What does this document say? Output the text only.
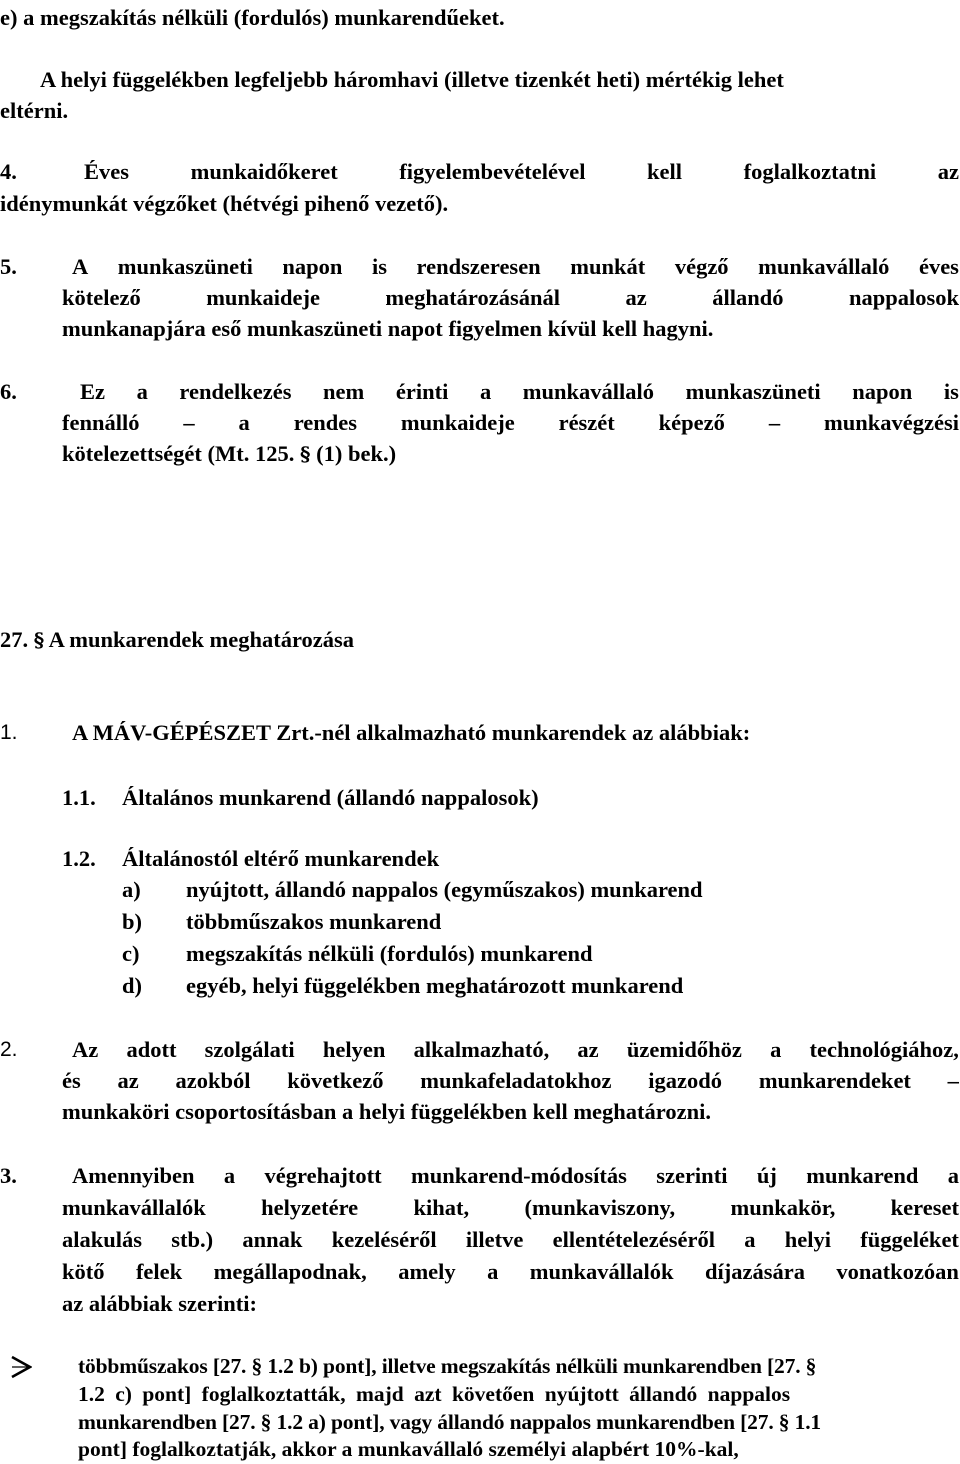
e) a megszakítás nélküli (fordulós) munkarendűeket.
A helyi függelékben legfeljebb háromhavi (illetve tizenkét heti) mértékig lehet
eltérni.
4.	Éves	munkaidőkeret	figyelembevételével	kell	foglalkoztatni	az
idénymunkát végzőket (hétvégi pihenő vezető).
5. A munkaszüneti napon is rendszeresen munkát végző munkavállaló éves
kötelező	munkaideje	meghatározásánál	az	állandó	nappalosok
munkanapjára eső munkaszüneti napot figyelmen kívül kell hagyni.
6.	Ez a rendelkezés nem érinti a munkavállaló munkaszüneti napon is
fennálló – a rendes munkaideje részét képező – munkavégzési
kötelezettségét (Mt. 125. § (1) bek.)
27. § A munkarendek meghatározása
1. A MÁV-GÉPÉSZET Zrt.-nél alkalmazható munkarendek az alábbiak:
1.1. Általános munkarend (állandó nappalosok)
1.2. Általánostól eltérő munkarendek
a) nyújtott, állandó nappalos (egyműszakos) munkarend
b) többműszakos munkarend
c) megszakítás nélküli (fordulós) munkarend
d) egyéb, helyi függelékben meghatározott munkarend
2. Az adott szolgálati helyen alkalmazható, az üzemidőhöz a technológiához,
és az azokból következő munkafeladatokhoz igazodó munkarendeket –
munkaköri csoportosításban a helyi függelékben kell meghatározni.
3. Amennyiben a végrehajtott munkarend-módosítás szerinti új munkarend a
munkavállalók helyzetére kihat, (munkaviszony, munkakör, kereset
alakulás stb.) annak kezeléséről illetve ellentételezéséről a helyi függeléket
kötő felek megállapodnak, amely a munkavállalók díjazására vonatkozóan
az alábbiak szerinti:
többműszakos [27. § 1.2 b) pont], illetve megszakítás nélküli munkarendben [27. §
1.2 c) pont] foglalkoztatták, majd azt követően nyújtott állandó nappalos
munkarendben [27. § 1.2 a) pont], vagy állandó nappalos munkarendben [27. § 1.1
pont] foglalkoztatják, akkor a munkavállaló személyi alapbért 10%-kal,
